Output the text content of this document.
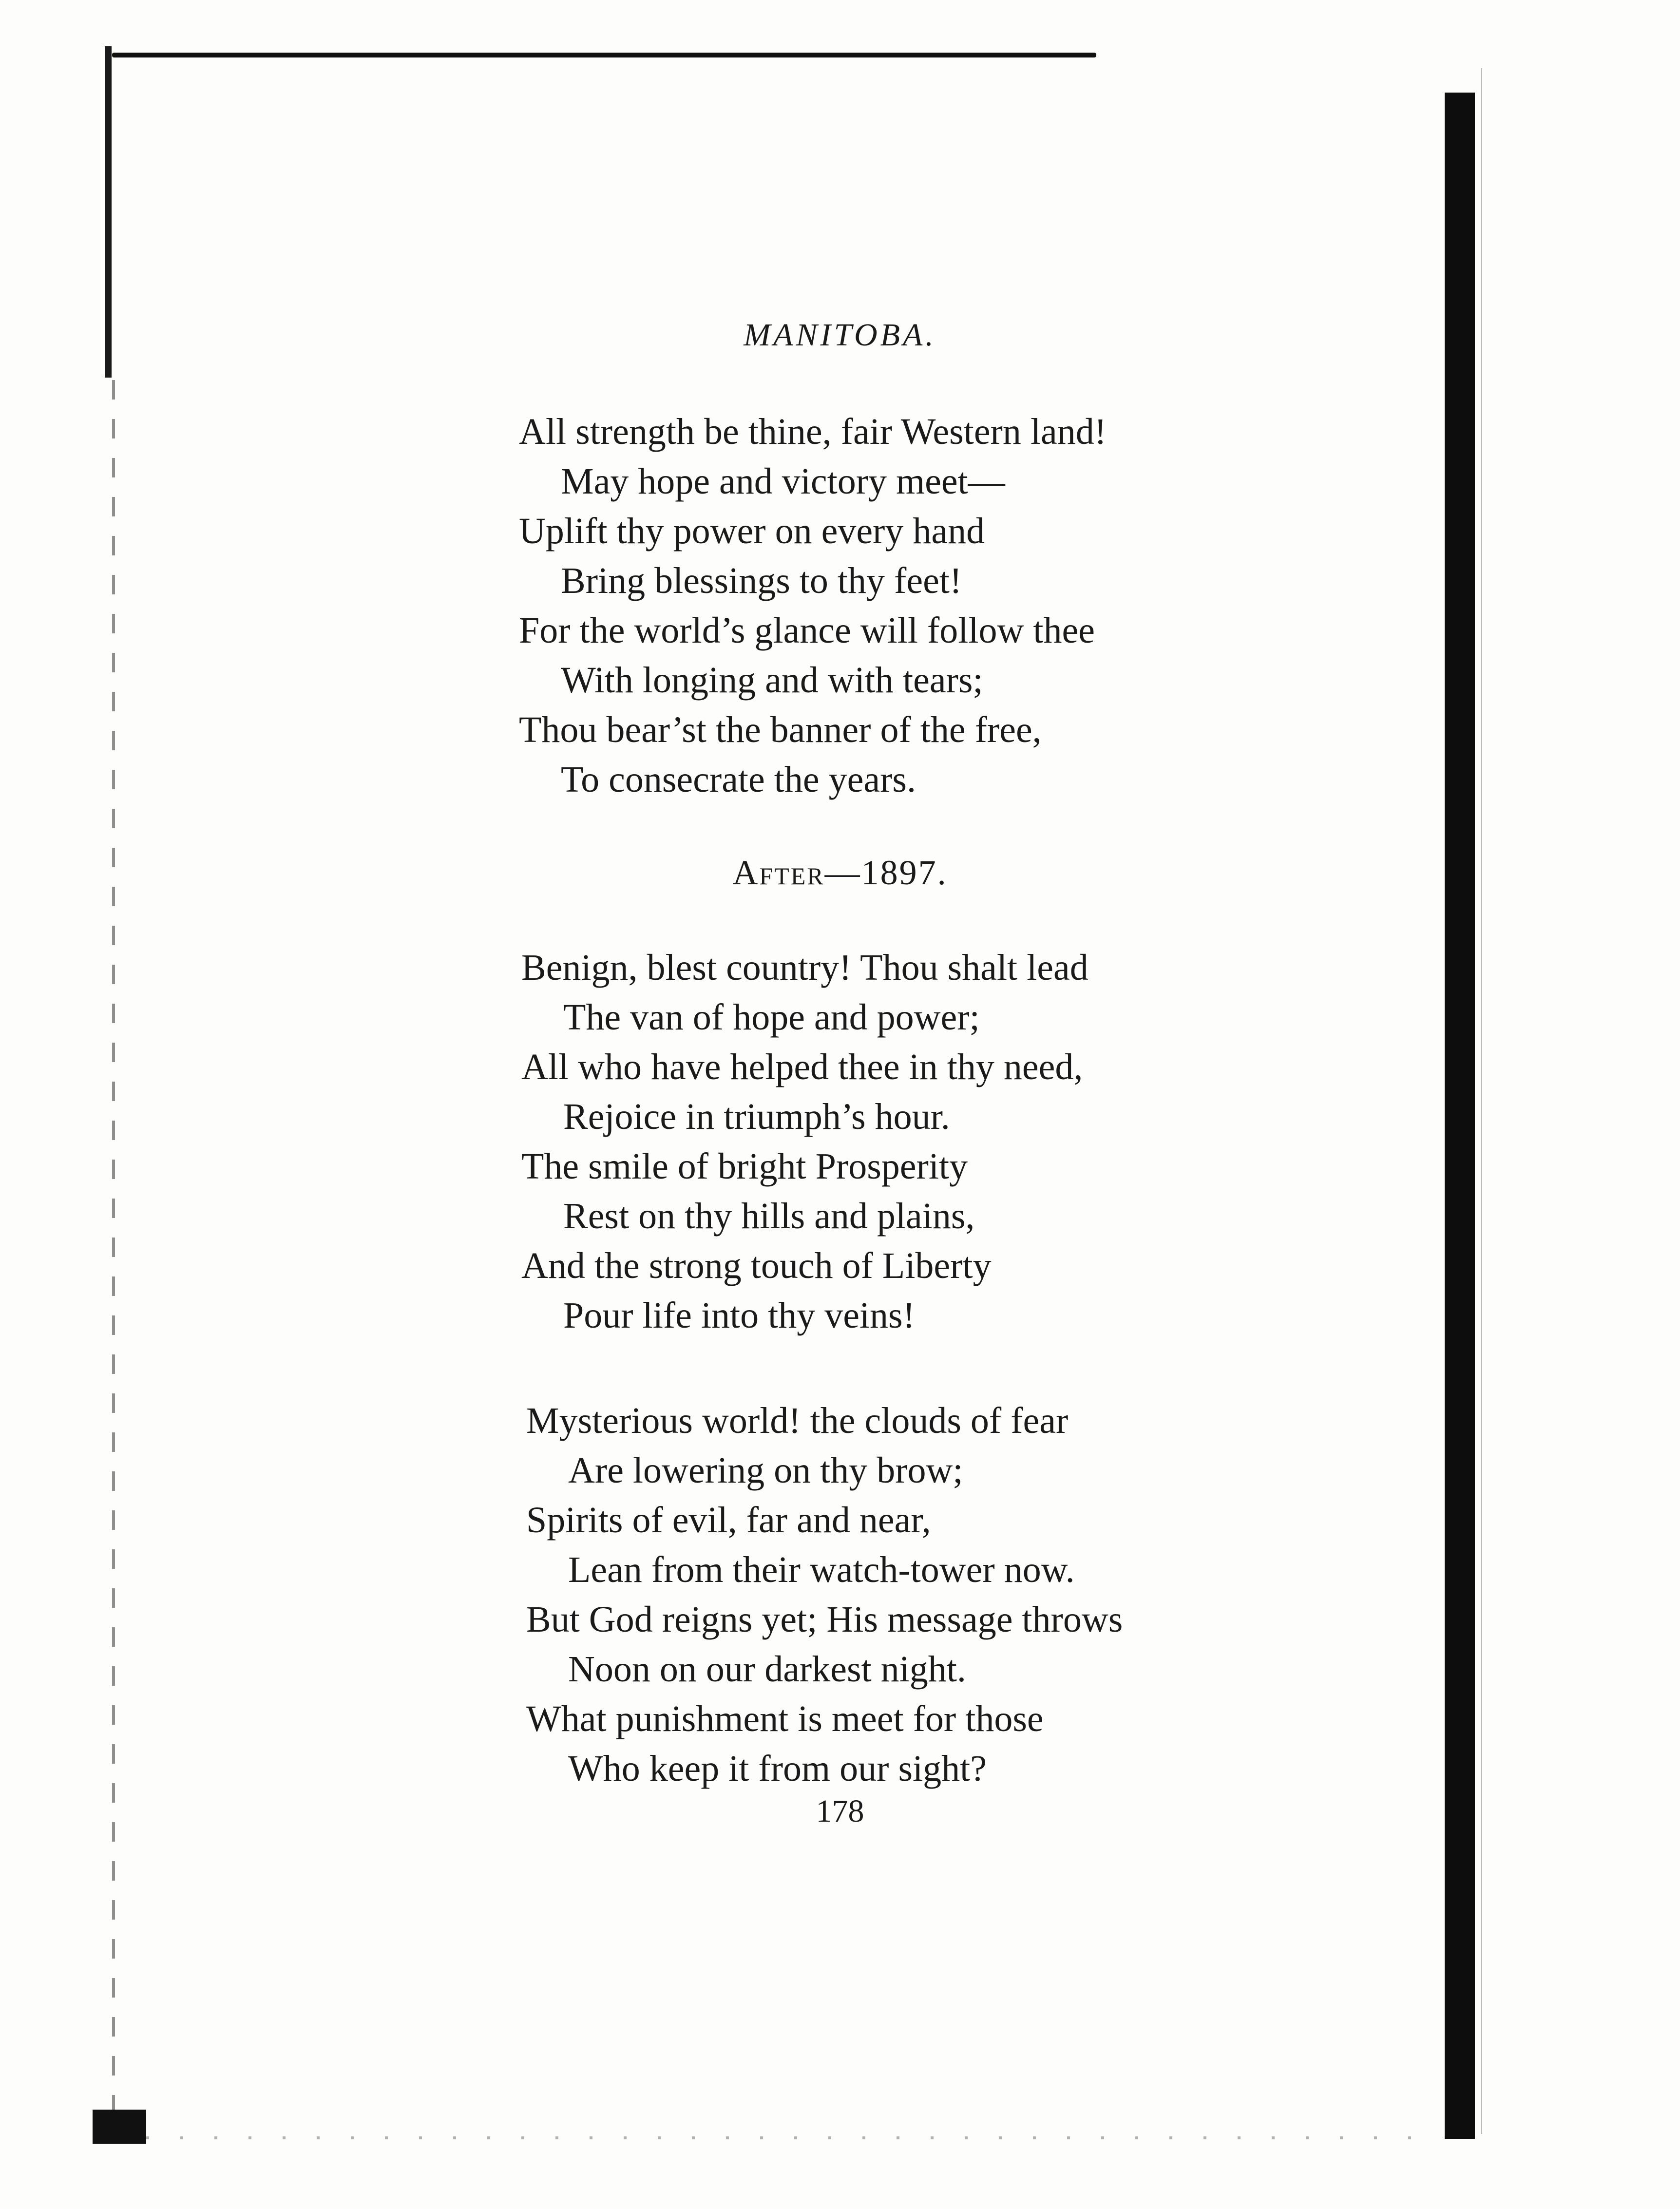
MANITOBA.
All strength be thine, fair Western land!
May hope and victory meet—
Uplift thy power on every hand
Bring blessings to thy feet!
For the world’s glance will follow thee
With longing and with tears;
Thou bear’st the banner of the free,
To consecrate the years.
After—1897.
Benign, blest country! Thou shalt lead
The van of hope and power;
All who have helped thee in thy need,
Rejoice in triumph’s hour.
The smile of bright Prosperity
Rest on thy hills and plains,
And the strong touch of Liberty
Pour life into thy veins!
Mysterious world! the clouds of fear
Are lowering on thy brow;
Spirits of evil, far and near,
Lean from their watch-tower now.
But God reigns yet; His message throws
Noon on our darkest night.
What punishment is meet for those
Who keep it from our sight?

178
